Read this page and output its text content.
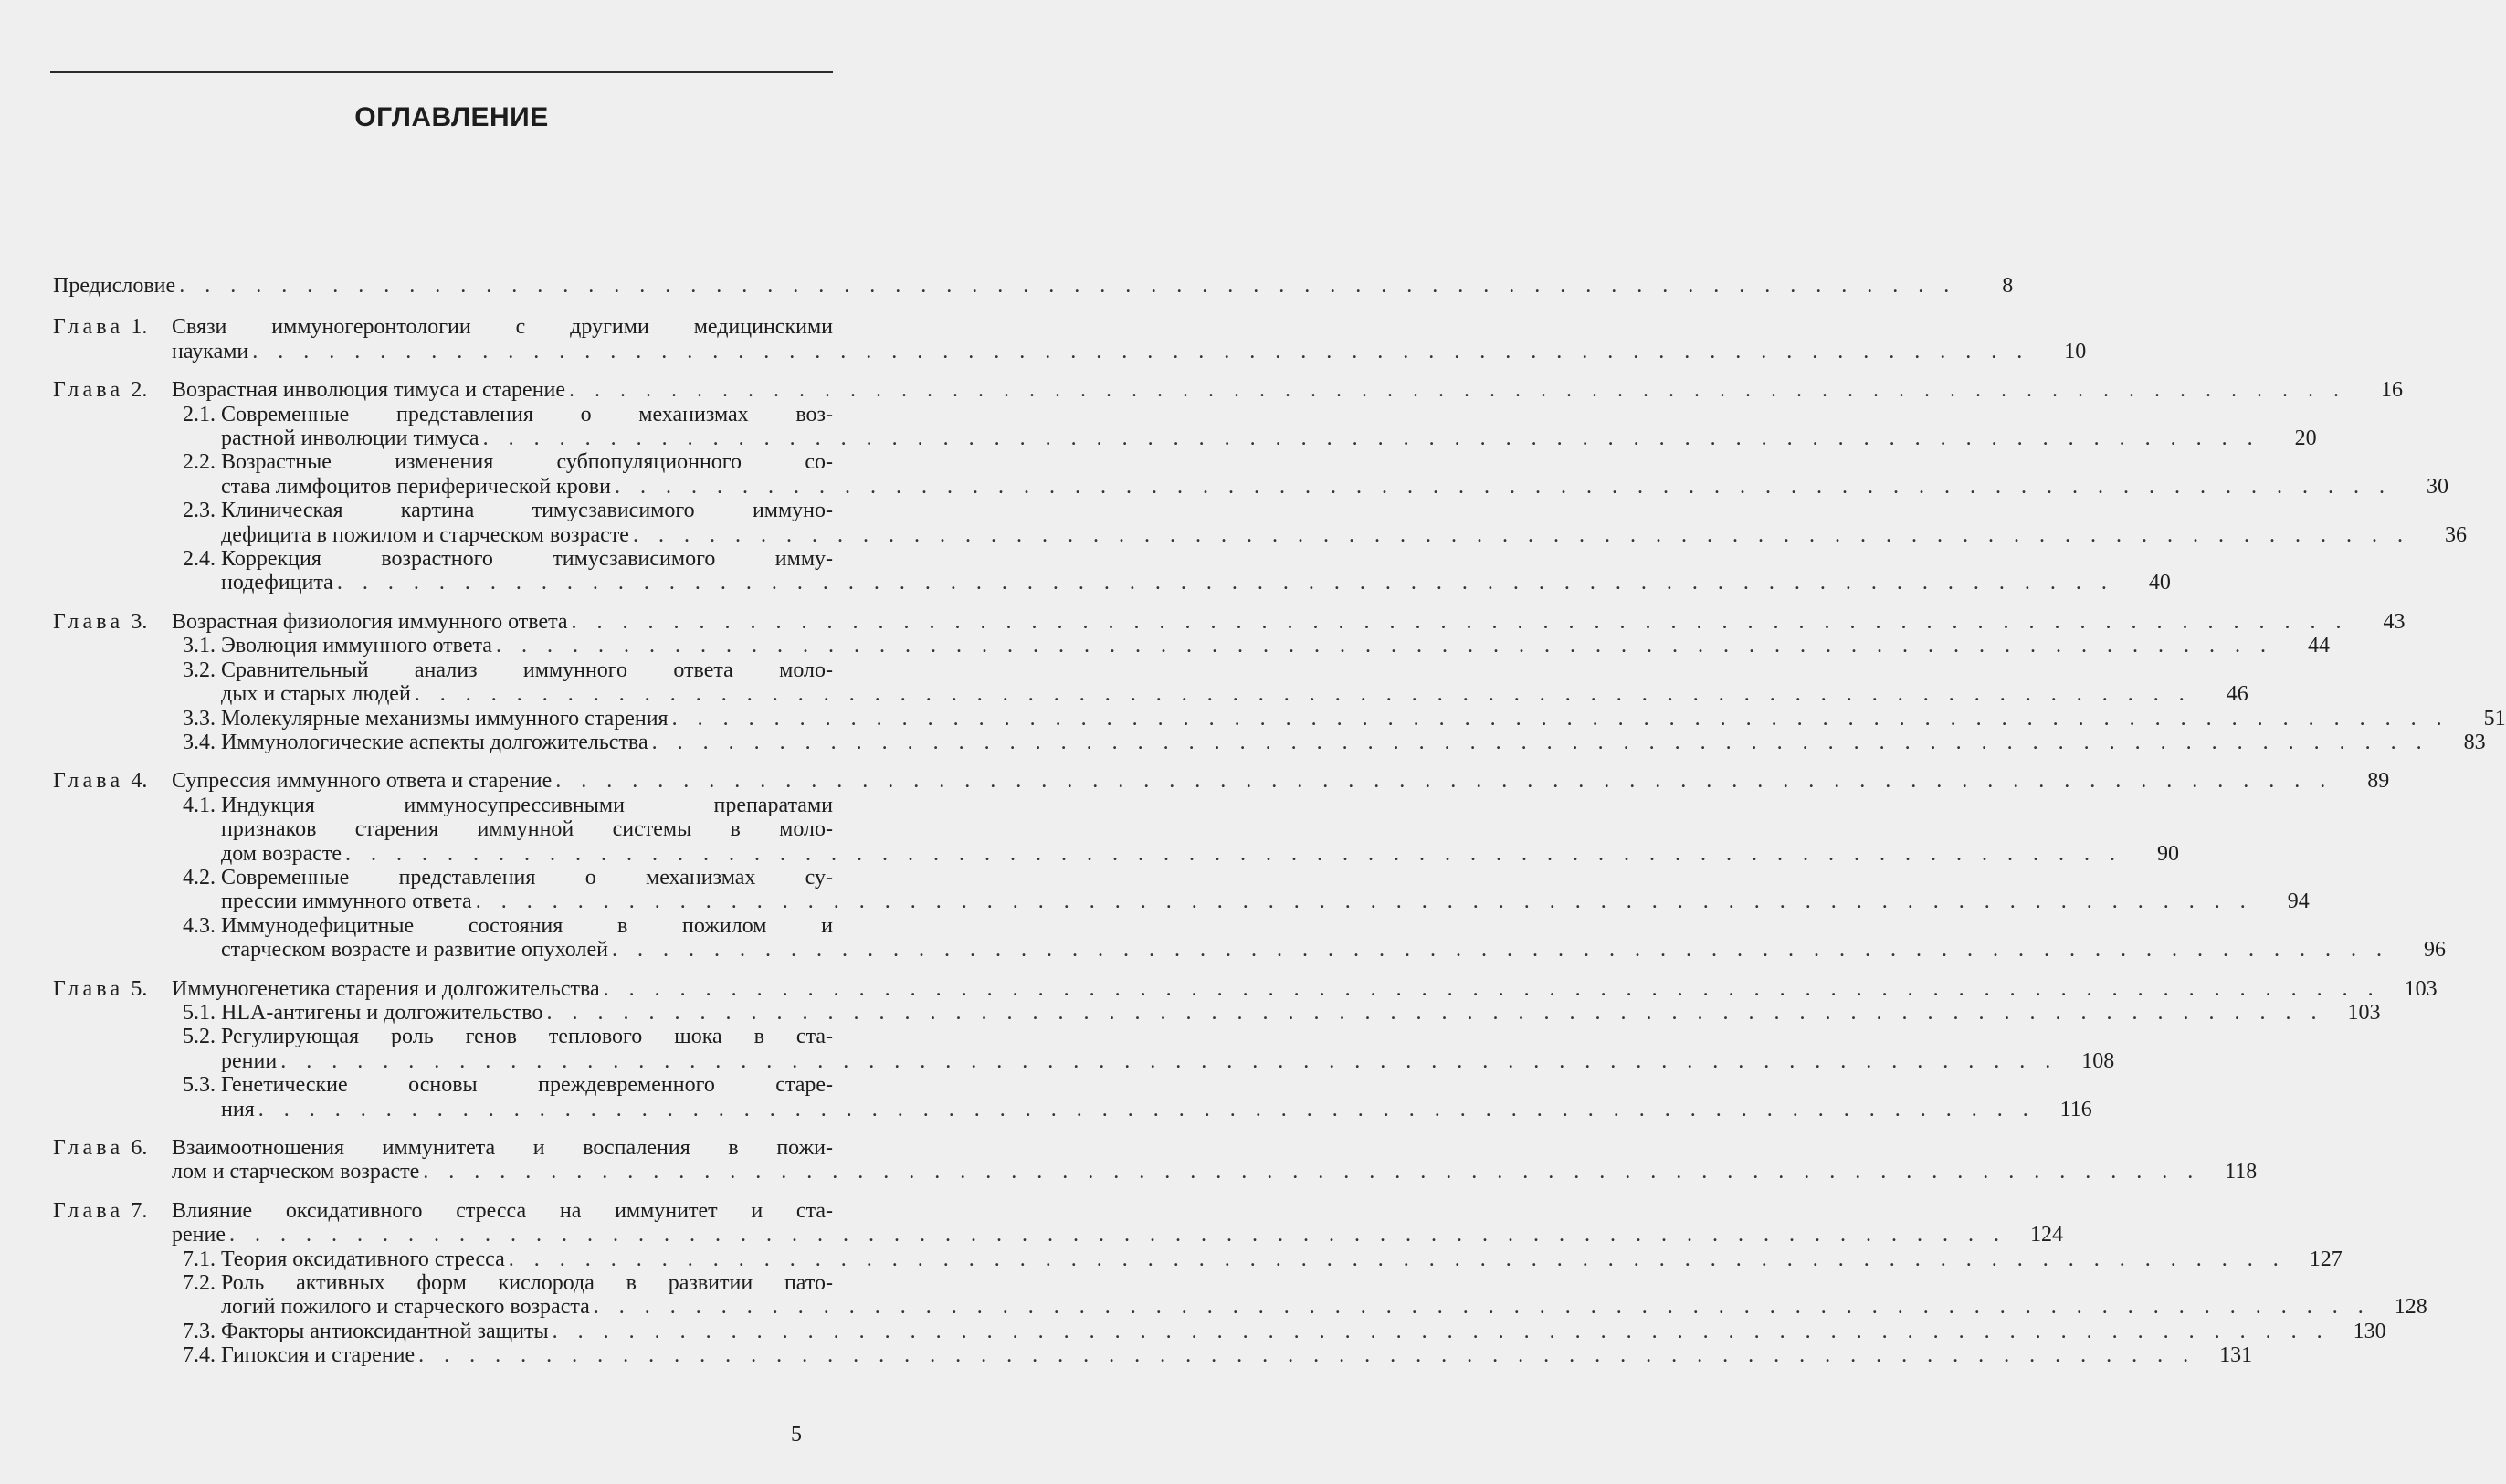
ОГЛАВЛЕНИЕ
Предисловие . . . . . . . . . . . . . . . . . . . . . . . . . . . . . . . . . . . . . . . . . . . . . . . . . . . . . . . . . . . . . . . . . . . . . .	8
Глава 1.	Связи иммуногеронтологии с другими медицинскими
науками . . . . . . . . . . . . . . . . . . . . . . . . . . . . . . . . . . . . . . . . . . . . . . . . . . . . . . . . . . . . . . . . . . . . . .	10
Глава 2.	Возрастная инволюция тимуса и старение . . . . . . . . . . . . . . . . . . . . . . . . . . . . . . . . . . . . . . . . . . . . . . . . . . . . . . . . . . . . . . . . . . . . . .	16
2.1. Современные представления о механизмах воз-
растной инволюции тимуса . . . . . . . . . . . . . . . . . . . . . . . . . . . . . . . . . . . . . . . . . . . . . . . . . . . . . . . . . . . . . . . . . . . . . .	20
2.2. Возрастные изменения субпопуляционного со-
става лимфоцитов периферической крови . . . . . . . . . . . . . . . . . . . . . . . . . . . . . . . . . . . . . . . . . . . . . . . . . . . . . . . . . . . . . . . . . . . . . .	30
2.3. Клиническая картина тимусзависимого иммуно-
дефицита в пожилом и старческом возрасте . . . . . . . . . . . . . . . . . . . . . . . . . . . . . . . . . . . . . . . . . . . . . . . . . . . . . . . . . . . . . . . . . . . . . .	36
2.4. Коррекция возрастного тимусзависимого имму-
нодефицита . . . . . . . . . . . . . . . . . . . . . . . . . . . . . . . . . . . . . . . . . . . . . . . . . . . . . . . . . . . . . . . . . . . . . .	40
Глава 3.	Возрастная физиология иммунного ответа . . . . . . . . . . . . . . . . . . . . . . . . . . . . . . . . . . . . . . . . . . . . . . . . . . . . . . . . . . . . . . . . . . . . . .	43
3.1. Эволюция иммунного ответа . . . . . . . . . . . . . . . . . . . . . . . . . . . . . . . . . . . . . . . . . . . . . . . . . . . . . . . . . . . . . . . . . . . . . .	44
3.2. Сравнительный анализ иммунного ответа моло-
дых и старых людей . . . . . . . . . . . . . . . . . . . . . . . . . . . . . . . . . . . . . . . . . . . . . . . . . . . . . . . . . . . . . . . . . . . . . .	46
3.3. Молекулярные механизмы иммунного старения . . . . . . . . . . . . . . . . . . . . . . . . . . . . . . . . . . . . . . . . . . . . . . . . . . . . . . . . . . . . . . . . . . . . . .	51
3.4. Иммунологические аспекты долгожительства . . . . . . . . . . . . . . . . . . . . . . . . . . . . . . . . . . . . . . . . . . . . . . . . . . . . . . . . . . . . . . . . . . . . . .	83
Глава 4.	Супрессия иммунного ответа и старение . . . . . . . . . . . . . . . . . . . . . . . . . . . . . . . . . . . . . . . . . . . . . . . . . . . . . . . . . . . . . . . . . . . . . .	89
4.1. Индукция иммуносупрессивными препаратами
признаков старения иммунной системы в моло-
дом возрасте . . . . . . . . . . . . . . . . . . . . . . . . . . . . . . . . . . . . . . . . . . . . . . . . . . . . . . . . . . . . . . . . . . . . . .	90
4.2. Современные представления о механизмах су-
прессии иммунного ответа . . . . . . . . . . . . . . . . . . . . . . . . . . . . . . . . . . . . . . . . . . . . . . . . . . . . . . . . . . . . . . . . . . . . . .	94
4.3. Иммунодефицитные состояния в пожилом и
старческом возрасте и развитие опухолей . . . . . . . . . . . . . . . . . . . . . . . . . . . . . . . . . . . . . . . . . . . . . . . . . . . . . . . . . . . . . . . . . . . . . .	96
Глава 5.	Иммуногенетика старения и долгожительства . . . . . . . . . . . . . . . . . . . . . . . . . . . . . . . . . . . . . . . . . . . . . . . . . . . . . . . . . . . . . . . . . . . . . .	103
5.1. HLA-антигены и долгожительство . . . . . . . . . . . . . . . . . . . . . . . . . . . . . . . . . . . . . . . . . . . . . . . . . . . . . . . . . . . . . . . . . . . . . .	103
5.2. Регулирующая роль генов теплового шока в ста-
рении . . . . . . . . . . . . . . . . . . . . . . . . . . . . . . . . . . . . . . . . . . . . . . . . . . . . . . . . . . . . . . . . . . . . . .	108
5.3. Генетические основы преждевременного старе-
ния . . . . . . . . . . . . . . . . . . . . . . . . . . . . . . . . . . . . . . . . . . . . . . . . . . . . . . . . . . . . . . . . . . . . . .	116
Глава 6.	Взаимоотношения иммунитета и воспаления в пожи-
лом и старческом возрасте . . . . . . . . . . . . . . . . . . . . . . . . . . . . . . . . . . . . . . . . . . . . . . . . . . . . . . . . . . . . . . . . . . . . . .	118
Глава 7.	Влияние оксидативного стресса на иммунитет и ста-
рение . . . . . . . . . . . . . . . . . . . . . . . . . . . . . . . . . . . . . . . . . . . . . . . . . . . . . . . . . . . . . . . . . . . . . .	124
7.1. Теория оксидативного стресса . . . . . . . . . . . . . . . . . . . . . . . . . . . . . . . . . . . . . . . . . . . . . . . . . . . . . . . . . . . . . . . . . . . . . .	127
7.2. Роль активных форм кислорода в развитии пато-
логий пожилого и старческого возраста . . . . . . . . . . . . . . . . . . . . . . . . . . . . . . . . . . . . . . . . . . . . . . . . . . . . . . . . . . . . . . . . . . . . . .	128
7.3. Факторы антиоксидантной защиты . . . . . . . . . . . . . . . . . . . . . . . . . . . . . . . . . . . . . . . . . . . . . . . . . . . . . . . . . . . . . . . . . . . . . .	130
7.4. Гипоксия и старение . . . . . . . . . . . . . . . . . . . . . . . . . . . . . . . . . . . . . . . . . . . . . . . . . . . . . . . . . . . . . . . . . . . . . .	131
5
